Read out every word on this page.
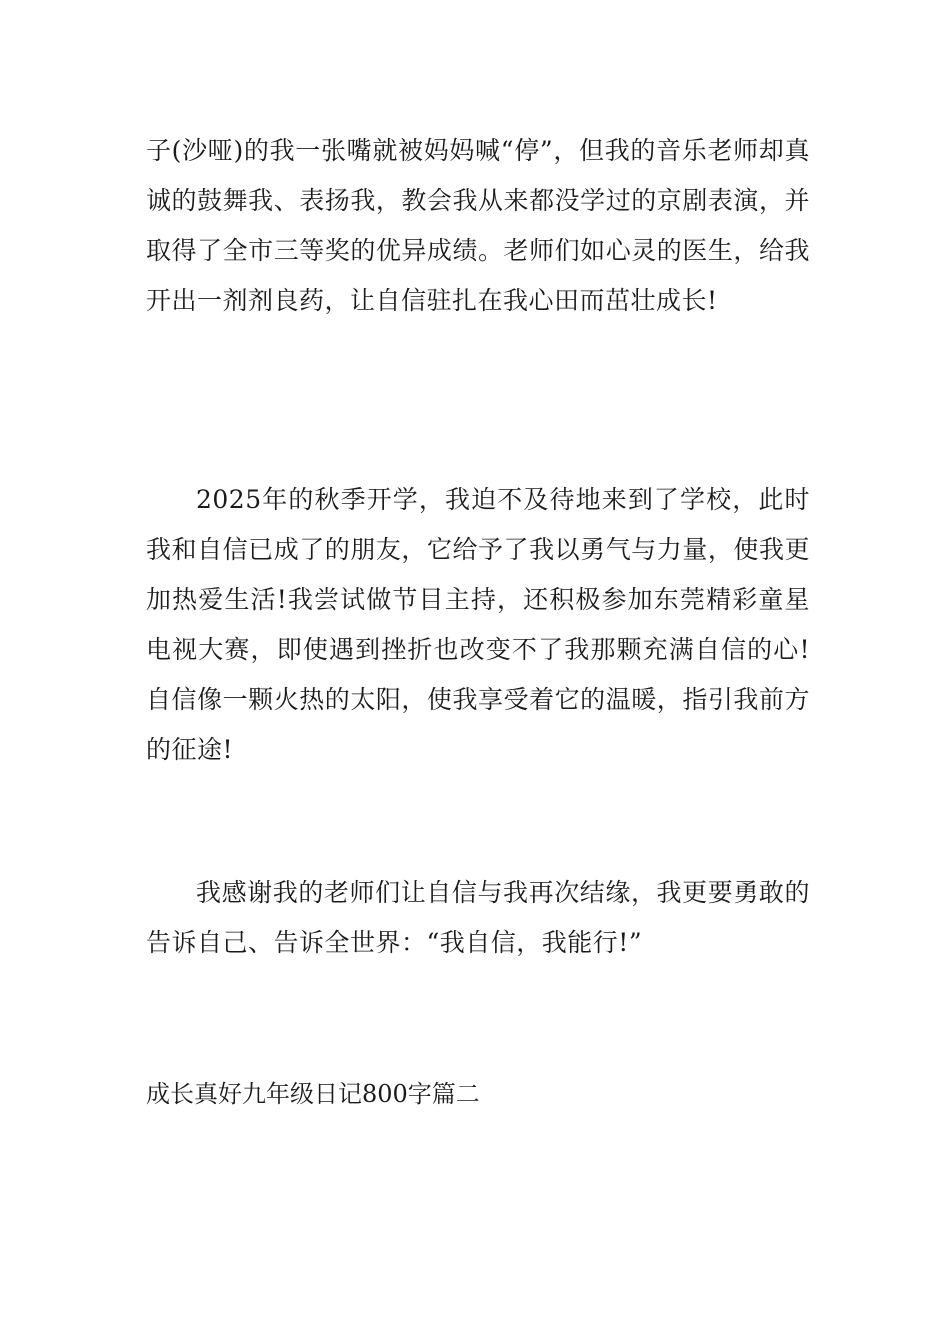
子(沙哑)的我一张嘴就被妈妈喊“停”，但我的音乐老师却真诚的鼓舞我、表扬我，教会我从来都没学过的京剧表演，并取得了全市三等奖的优异成绩。老师们如心灵的医生，给我开出一剂剂良药，让自信驻扎在我心田而茁壮成长!

2025年的秋季开学，我迫不及待地来到了学校，此时我和自信已成了的朋友，它给予了我以勇气与力量，使我更加热爱生活!我尝试做节目主持，还积极参加东莞精彩童星电视大赛，即使遇到挫折也改变不了我那颗充满自信的心!自信像一颗火热的太阳，使我享受着它的温暖，指引我前方的征途!

我感谢我的老师们让自信与我再次结缘，我更要勇敢的告诉自己、告诉全世界：“我自信，我能行!”

成长真好九年级日记800字篇二
